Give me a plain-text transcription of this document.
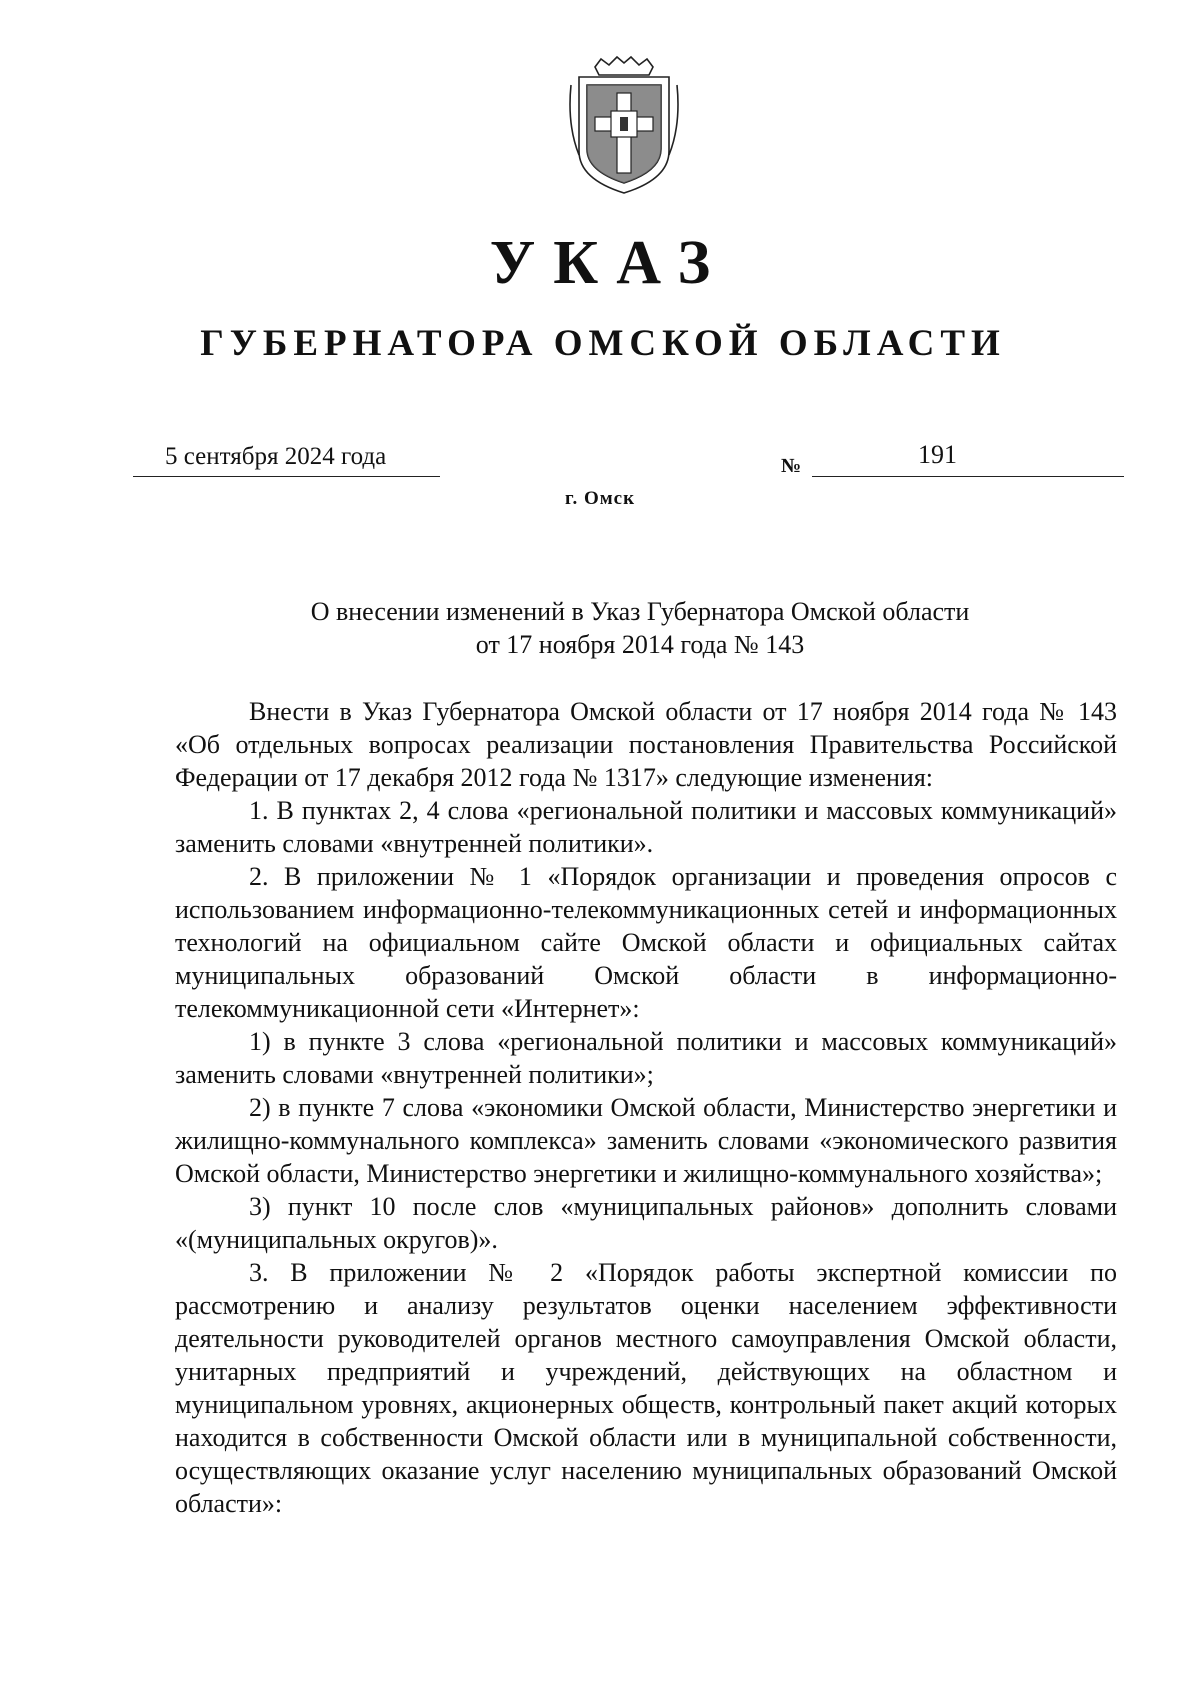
УКАЗ
ГУБЕРНАТОРА ОМСКОЙ ОБЛАСТИ
5 сентября 2024 года	№	191
г. Омск
О внесении изменений в Указ Губернатора Омской области
от 17 ноября 2014 года № 143

Внести в Указ Губернатора Омской области от 17 ноября 2014 года № 143 «Об отдельных вопросах реализации постановления Правительства Российской Федерации от 17 декабря 2012 года № 1317» следующие изменения:

1. В пунктах 2, 4 слова «региональной политики и массовых коммуникаций» заменить словами «внутренней политики».

2. В приложении № 1 «Порядок организации и проведения опросов с использованием информационно-телекоммуникационных сетей и информационных технологий на официальном сайте Омской области и официальных сайтах муниципальных образований Омской области в информационно-телекоммуникационной сети «Интернет»:

1) в пункте 3 слова «региональной политики и массовых коммуникаций» заменить словами «внутренней политики»;

2) в пункте 7 слова «экономики Омской области, Министерство энергетики и жилищно-коммунального комплекса» заменить словами «экономического развития Омской области, Министерство энергетики и жилищно-коммунального хозяйства»;

3) пункт 10 после слов «муниципальных районов» дополнить словами «(муниципальных округов)».

3. В приложении № 2 «Порядок работы экспертной комиссии по рассмотрению и анализу результатов оценки населением эффективности деятельности руководителей органов местного самоуправления Омской области, унитарных предприятий и учреждений, действующих на областном и муниципальном уровнях, акционерных обществ, контрольный пакет акций которых находится в собственности Омской области или в муниципальной собственности, осуществляющих оказание услуг населению муниципальных образований Омской области»:
